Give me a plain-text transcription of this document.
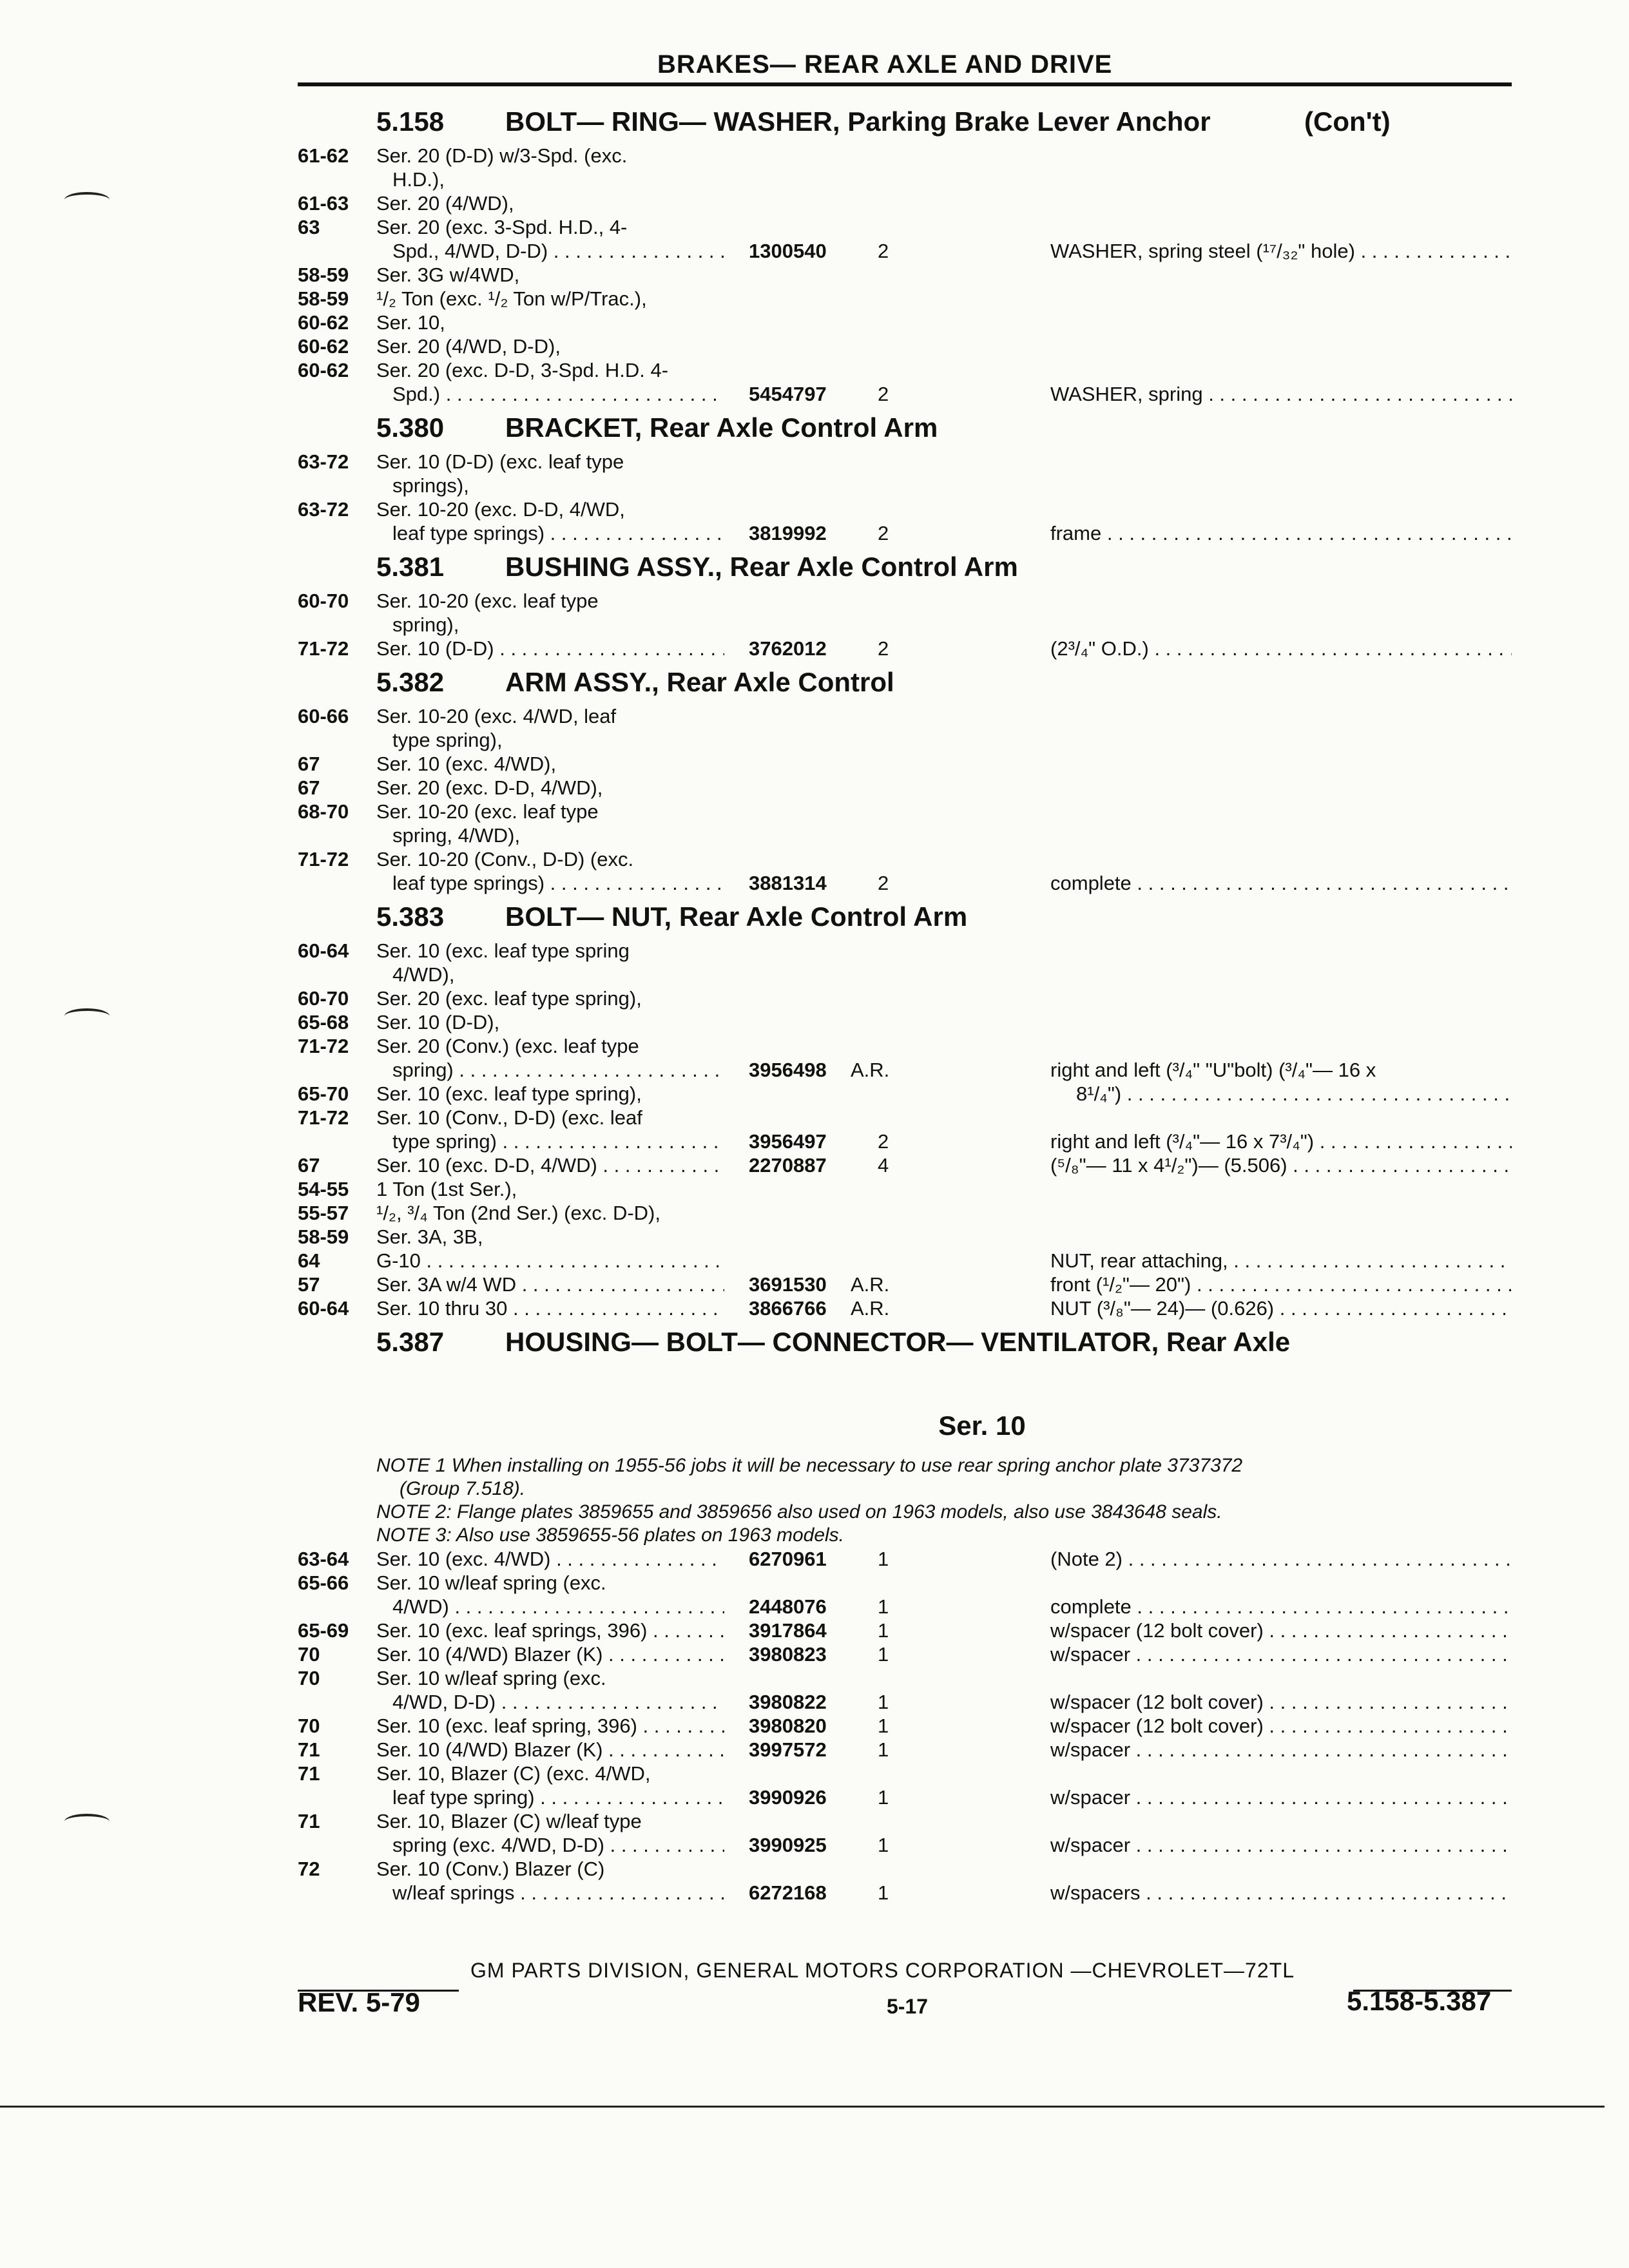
BRAKES— REAR AXLE AND DRIVE
5.158 BOLT— RING— WASHER, Parking Brake Lever Anchor	(Con't)
61-62	Ser. 20 (D-D) w/3-Spd. (exc.
H.D.),
61-63	Ser. 20 (4/WD),
63	Ser. 20 (exc. 3-Spd. H.D., 4-
Spd., 4/WD, D-D) . . .	1300540	2	WASHER, spring steel (¹⁷/₃₂" hole) . . .
58-59	Ser. 3G w/4WD,
58-59	¹/₂ Ton (exc. ¹/₂ Ton w/P/Trac.),
60-62	Ser. 10,
60-62	Ser. 20 (4/WD, D-D),
60-62	Ser. 20 (exc. D-D, 3-Spd. H.D. 4-
Spd.) . . .	5454797	2	WASHER, spring . . .
5.380 BRACKET, Rear Axle Control Arm
63-72	Ser. 10 (D-D) (exc. leaf type
springs),
63-72	Ser. 10-20 (exc. D-D, 4/WD,
leaf type springs) . . .	3819992	2	frame . . .
5.381 BUSHING ASSY., Rear Axle Control Arm
60-70	Ser. 10-20 (exc. leaf type
spring),
71-72	Ser. 10 (D-D) . . .	3762012	2	(2³/₄" O.D.) . . .
5.382 ARM ASSY., Rear Axle Control
60-66	Ser. 10-20 (exc. 4/WD, leaf
type spring),
67	Ser. 10 (exc. 4/WD),
67	Ser. 20 (exc. D-D, 4/WD),
68-70	Ser. 10-20 (exc. leaf type
spring, 4/WD),
71-72	Ser. 10-20 (Conv., D-D) (exc.
leaf type springs) . . .	3881314	2	complete . . .
5.383 BOLT— NUT, Rear Axle Control Arm
60-64	Ser. 10 (exc. leaf type spring
4/WD),
60-70	Ser. 20 (exc. leaf type spring),
65-68	Ser. 10 (D-D),
71-72	Ser. 20 (Conv.) (exc. leaf type
spring) . . .	3956498 A.R.	right and left (³/₄" "U"bolt) (³/₄"— 16 x
8¹/₄") . . .
65-70	Ser. 10 (exc. leaf type spring),
71-72	Ser. 10 (Conv., D-D) (exc. leaf
type spring) . . .	3956497	2	right and left (³/₄"— 16 x 7³/₄") . . .
67	Ser. 10 (exc. D-D, 4/WD) . . .	2270887	4	(⁵/₈"— 11 x 4¹/₂")— (5.506) . . .
54-55	1 Ton (1st Ser.),
55-57	¹/₂, ³/₄ Ton (2nd Ser.) (exc. D-D),
58-59	Ser. 3A, 3B,
64	G-10 . . .	NUT, rear attaching, . . .
57	Ser. 3A w/4 WD . . .	3691530 A.R.	front (¹/₂"— 20") . . .
60-64	Ser. 10 thru 30 . . .	3866766 A.R.	NUT (³/₈"— 24)— (0.626) . . .
5.387 HOUSING— BOLT— CONNECTOR— VENTILATOR, Rear Axle
Ser. 10
NOTE 1 When installing on 1955-56 jobs it will be necessary to use rear spring anchor plate 3737372
(Group 7.518).
NOTE 2: Flange plates 3859655 and 3859656 also used on 1963 models, also use 3843648 seals.
NOTE 3: Also use 3859655-56 plates on 1963 models.
63-64	Ser. 10 (exc. 4/WD) . . .	6270961	1	(Note 2) . . .
65-66	Ser. 10 w/leaf spring (exc.
4/WD) . . .	2448076	1	complete . . .
65-69	Ser. 10 (exc. leaf springs, 396) . . .	3917864	1	w/spacer (12 bolt cover) . . .
70	Ser. 10 (4/WD) Blazer (K) . . .	3980823	1	w/spacer . . .
70	Ser. 10 w/leaf spring (exc.
4/WD, D-D) . . .	3980822	1	w/spacer (12 bolt cover) . . .
70	Ser. 10 (exc. leaf spring, 396) . . .	3980820	1	w/spacer (12 bolt cover) . . .
71	Ser. 10 (4/WD) Blazer (K) . . .	3997572	1	w/spacer . . .
71	Ser. 10, Blazer (C) (exc. 4/WD,
leaf type spring) . . .	3990926	1	w/spacer . . .
71	Ser. 10, Blazer (C) w/leaf type
spring (exc. 4/WD, D-D) . . .	3990925	1	w/spacer . . .
72	Ser. 10 (Conv.) Blazer (C)
w/leaf springs . . .	6272168	1	w/spacers . . .
GM PARTS DIVISION, GENERAL MOTORS CORPORATION —CHEVROLET—72TL
REV. 5-79	5-17	5.158-5.387
